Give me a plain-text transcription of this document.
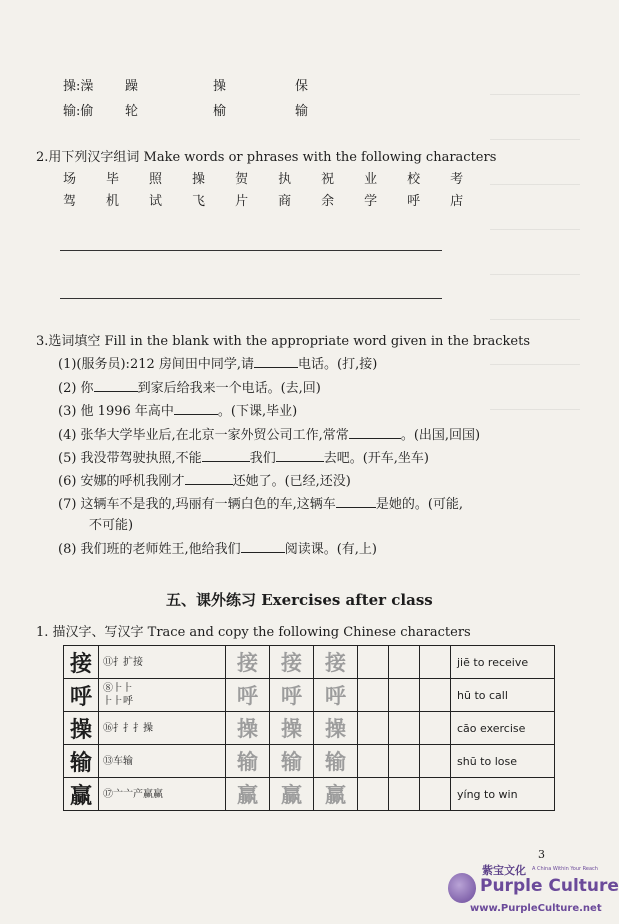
操:澡 躁	操	保
输:偷 轮	榆	输
2.用下列汉字组词 Make words or phrases with the following characters
场 毕 照 操 贺 执 祝 业 校 考
驾 机 试 飞 片 商 余 学 呼 店
3.选词填空 Fill in the blank with the appropriate word given in the brackets
(1)(服务员):212 房间田中同学,请	电话。(打,接)
(2) 你	到家后给我来一个电话。(去,回)
(3) 他 1996 年高中	。(下课,毕业)
(4) 张华大学毕业后,在北京一家外贸公司工作,常常	。(出国,回国)
(5) 我没带驾驶执照,不能	我们	去吧。(开车,坐车)
(6) 安娜的呼机我刚才	还她了。(已经,还没)
(7) 这辆车不是我的,玛丽有一辆白色的车,这辆车	是她的。(可能,
不可能)
(8) 我们班的老师姓王,他给我们	阅读课。(有,上)
五、课外练习 Exercises after class
1. 描汉字、写汉字 Trace and copy the following Chinese characters
接	⑪扌扩接	接	接	接				jiē to receive
呼	⑧⺊⺊
⺊⺊呼	呼	呼	呼				hū to call
操	⑯扌扌扌操	操	操	操				cāo exercise
输	⑬车输	输	输	输				shū to lose
赢	⑰亠亠产赢赢	赢	赢	赢				yíng to win
3
紫宝文化 A China Within Your Reach
Purple Culture
www.PurpleCulture.net
